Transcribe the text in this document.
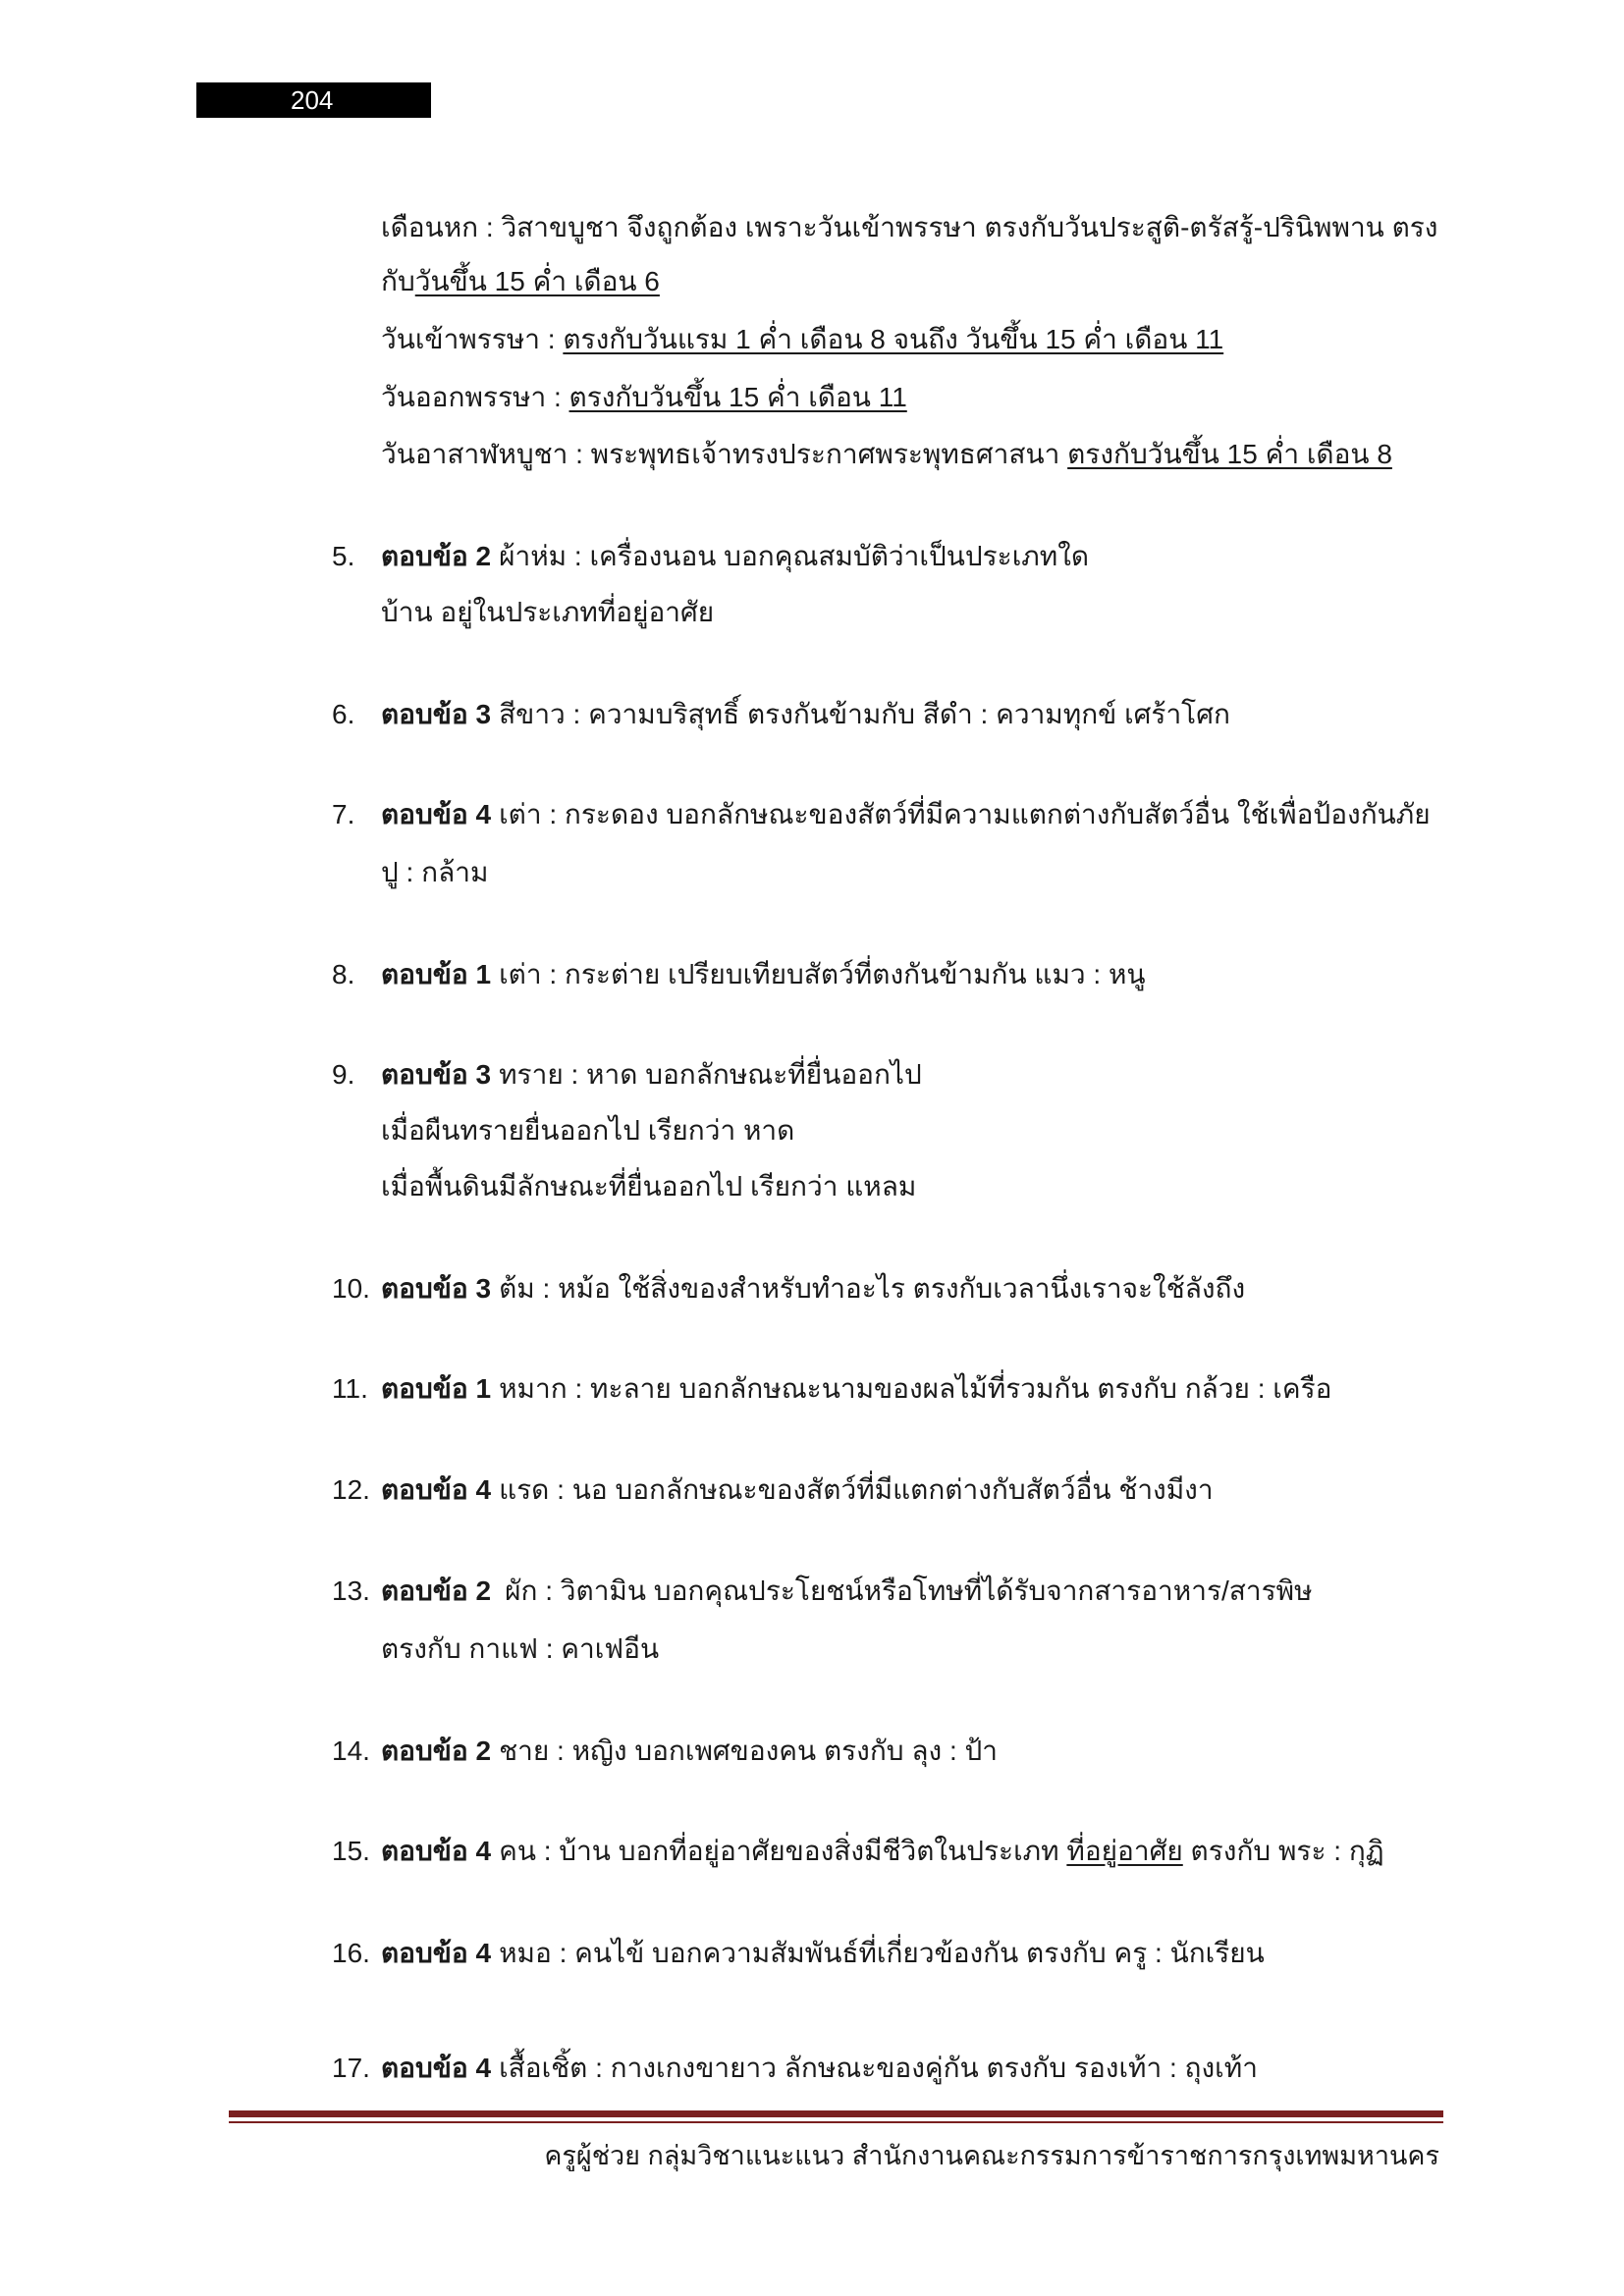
204
เดือนหก : วิสาขบูชา จึงถูกต้อง เพราะวันเข้าพรรษา ตรงกับวันประสูติ-ตรัสรู้-ปรินิพพาน ตรง
กับวันขึ้น 15 ค่ำ เดือน 6
วันเข้าพรรษา : ตรงกับวันแรม 1 ค่ำ เดือน 8 จนถึง วันขึ้น 15 ค่ำ เดือน 11
วันออกพรรษา : ตรงกับวันขึ้น 15 ค่ำ เดือน 11
วันอาสาฬหบูชา : พระพุทธเจ้าทรงประกาศพระพุทธศาสนา ตรงกับวันขึ้น 15 ค่ำ เดือน 8
5. ตอบข้อ 2 ผ้าห่ม : เครื่องนอน บอกคุณสมบัติว่าเป็นประเภทใด
บ้าน อยู่ในประเภทที่อยู่อาศัย
6. ตอบข้อ 3 สีขาว : ความบริสุทธิ์ ตรงกันข้ามกับ สีดำ : ความทุกข์ เศร้าโศก
7. ตอบข้อ 4 เต่า : กระดอง บอกลักษณะของสัตว์ที่มีความแตกต่างกับสัตว์อื่น ใช้เพื่อป้องกันภัย
ปู : กล้าม
8. ตอบข้อ 1 เต่า : กระต่าย เปรียบเทียบสัตว์ที่ตงกันข้ามกัน แมว : หนู
9. ตอบข้อ 3 ทราย : หาด บอกลักษณะที่ยื่นออกไป
เมื่อผืนทรายยื่นออกไป เรียกว่า หาด
เมื่อพื้นดินมีลักษณะที่ยื่นออกไป เรียกว่า แหลม
10. ตอบข้อ 3 ต้ม : หม้อ ใช้สิ่งของสำหรับทำอะไร ตรงกับเวลานึ่งเราจะใช้ลังถึง
11. ตอบข้อ 1 หมาก : ทะลาย บอกลักษณะนามของผลไม้ที่รวมกัน ตรงกับ กล้วย : เครือ
12. ตอบข้อ 4 แรด : นอ บอกลักษณะของสัตว์ที่มีแตกต่างกับสัตว์อื่น ช้างมีงา
13. ตอบข้อ 2 ผัก : วิตามิน บอกคุณประโยชน์หรือโทษที่ได้รับจากสารอาหาร/สารพิษ
ตรงกับ กาแฟ : คาเฟอีน
14. ตอบข้อ 2 ชาย : หญิง บอกเพศของคน ตรงกับ ลุง : ป้า
15. ตอบข้อ 4 คน : บ้าน บอกที่อยู่อาศัยของสิ่งมีชีวิตในประเภท ที่อยู่อาศัย ตรงกับ พระ : กุฏิ
16. ตอบข้อ 4 หมอ : คนไข้ บอกความสัมพันธ์ที่เกี่ยวข้องกัน ตรงกับ ครู : นักเรียน
17. ตอบข้อ 4 เสื้อเชิ้ต : กางเกงขายาว ลักษณะของคู่กัน ตรงกับ รองเท้า : ถุงเท้า
ครูผู้ช่วย กลุ่มวิชาแนะแนว สำนักงานคณะกรรมการข้าราชการกรุงเทพมหานคร
